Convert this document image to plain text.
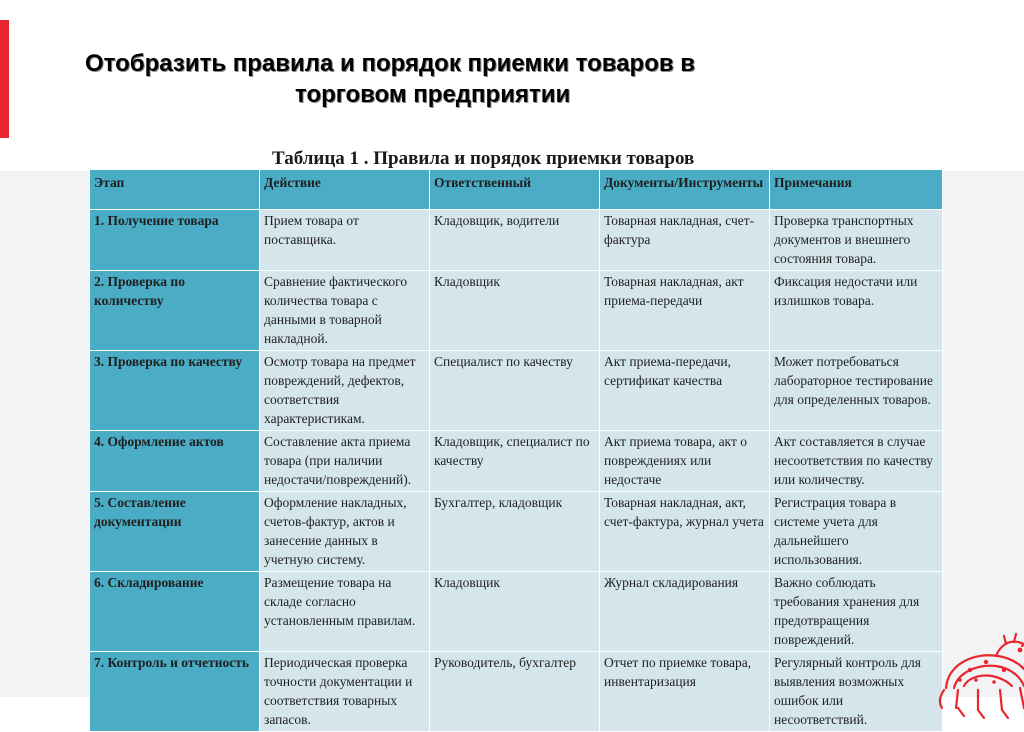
Отобразить правила и порядок приемки товаров в
торговом предприятии
Таблица 1 . Правила и порядок приемки товаров
Этап	Действие	Ответственный	Документы/Инструменты	Примечания
1. Получение товара	Прием товара от поставщика.	Кладовщик, водители	Товарная накладная, счет-фактура	Проверка транспортных документов и внешнего состояния товара.
2. Проверка по количеству	Сравнение фактического количества товара с данными в товарной накладной.	Кладовщик	Товарная накладная, акт приема-передачи	Фиксация недостачи или излишков товара.
3. Проверка по качеству	Осмотр товара на предмет повреждений, дефектов, соответствия характеристикам.	Специалист по качеству	Акт приема-передачи, сертификат качества	Может потребоваться лабораторное тестирование для определенных товаров.
4. Оформление актов	Составление акта приема товара (при наличии недостачи/повреждений).	Кладовщик, специалист по качеству	Акт приема товара, акт о повреждениях или недостаче	Акт составляется в случае несоответствия по качеству или количеству.
5. Составление документации	Оформление накладных, счетов-фактур, актов и занесение данных в учетную систему.	Бухгалтер, кладовщик	Товарная накладная, акт, счет-фактура, журнал учета	Регистрация товара в системе учета для дальнейшего использования.
6. Складирование	Размещение товара на складе согласно установленным правилам.	Кладовщик	Журнал складирования	Важно соблюдать требования хранения для предотвращения повреждений.
7. Контроль и отчетность	Периодическая проверка точности документации и соответствия товарных запасов.	Руководитель, бухгалтер	Отчет по приемке товара, инвентаризация	Регулярный контроль для выявления возможных ошибок или несоответствий.
